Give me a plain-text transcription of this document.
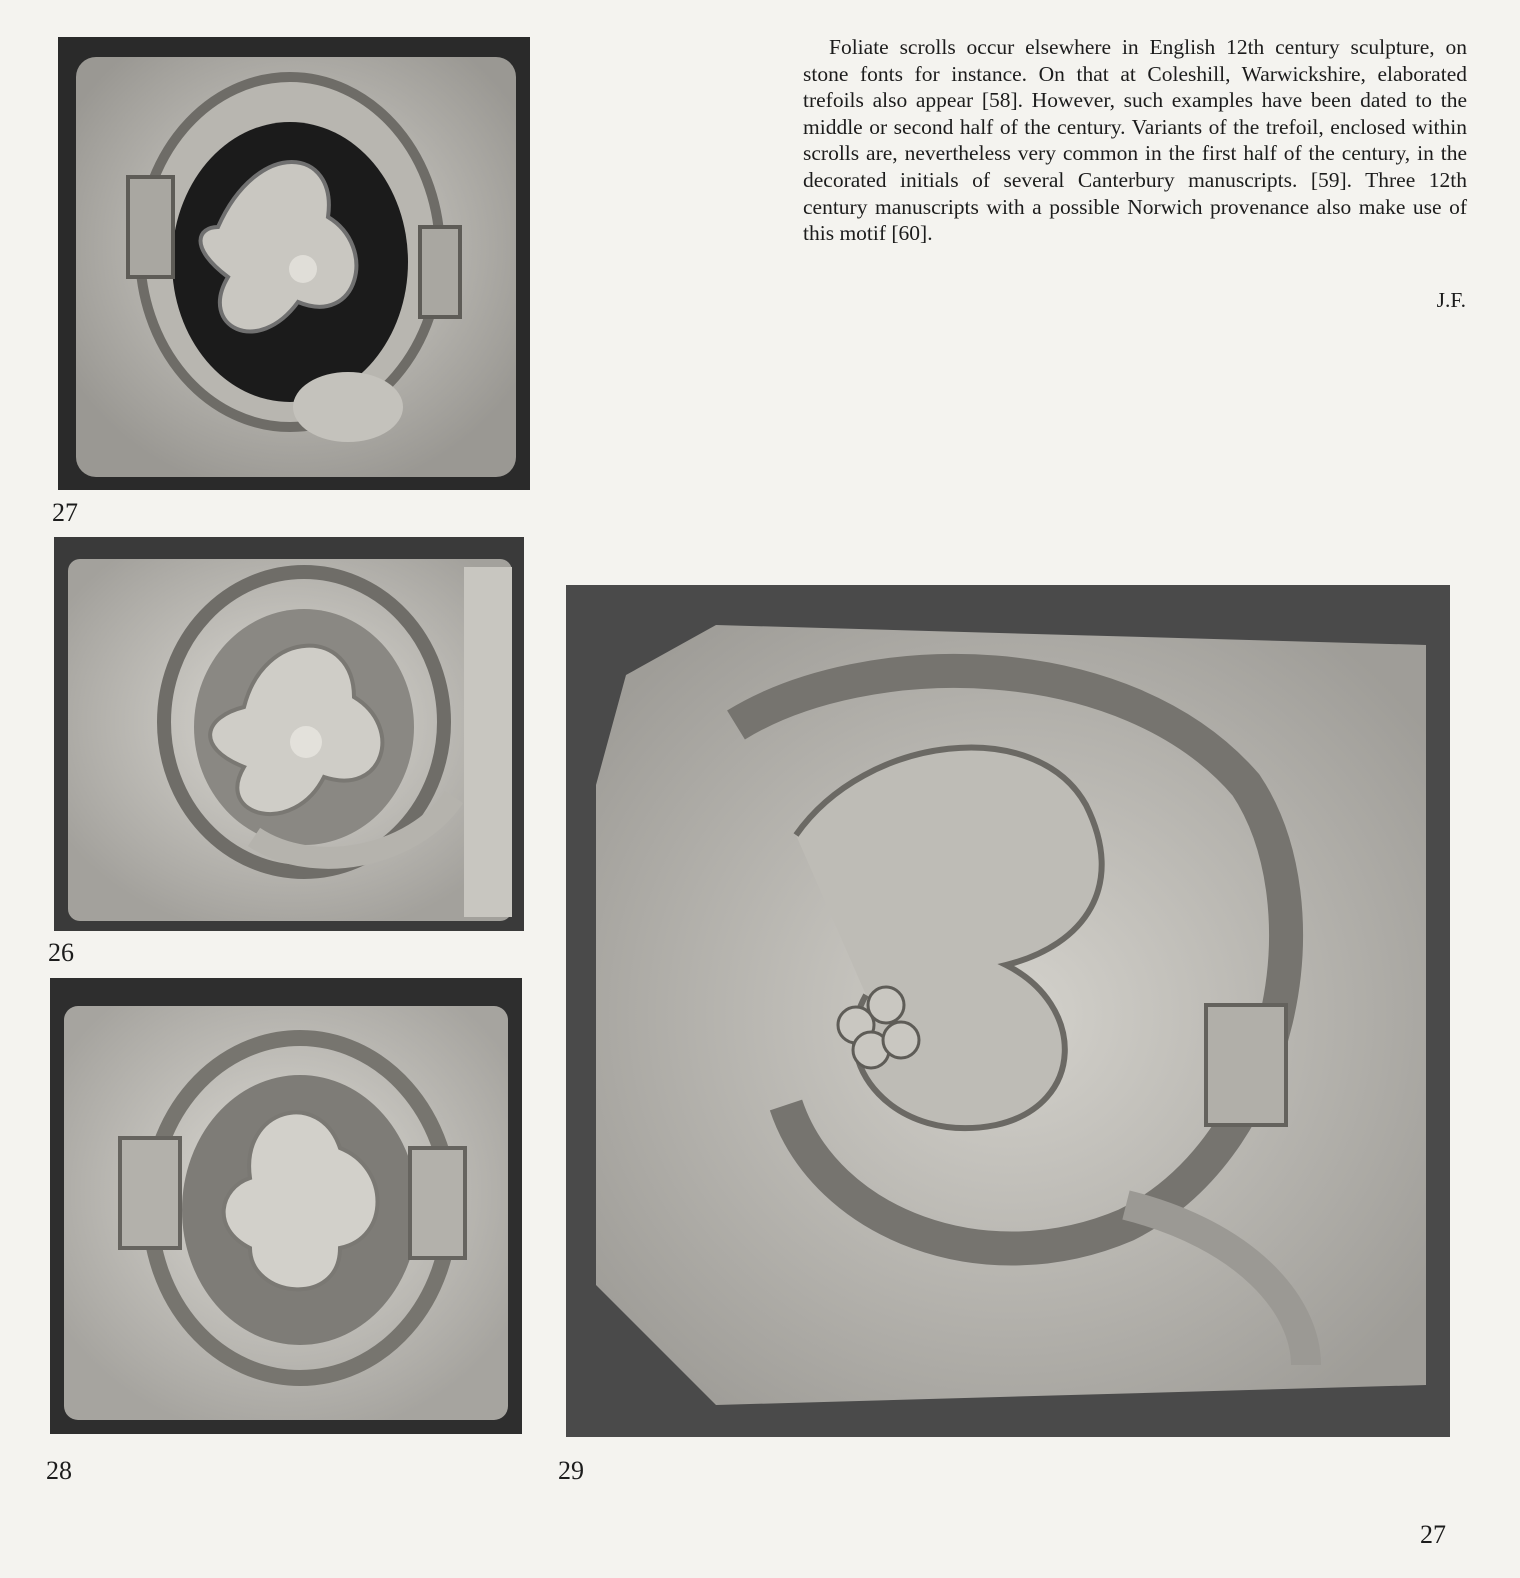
27

Foliate scrolls occur elsewhere in English 12th century sculpture, on stone fonts for instance. On that at Coleshill, Warwickshire, elaborated trefoils also appear [58]. However, such examples have been dated to the middle or second half of the century. Variants of the trefoil, enclosed within scrolls are, nevertheless very common in the first half of the century, in the decorated initials of several Canterbury manuscripts. [59]. Three 12th century manuscripts with a possible Norwich provenance also make use of this motif [60].

J.F.
26
28	29
27
